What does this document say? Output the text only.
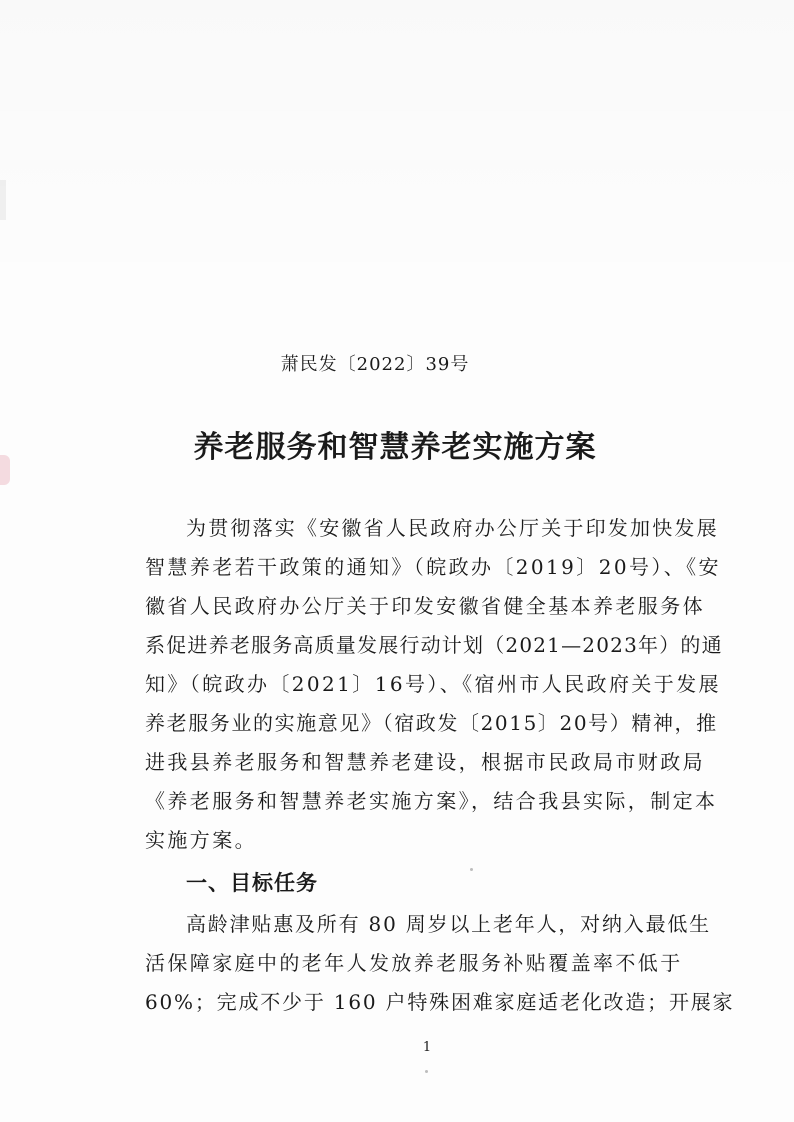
萧民发〔2022〕39号
养老服务和智慧养老实施方案
为贯彻落实《安徽省人民政府办公厅关于印发加快发展
智慧养老若干政策的通知》（皖政办〔2019〕20号）、《安
徽省人民政府办公厅关于印发安徽省健全基本养老服务体
系促进养老服务高质量发展行动计划（2021—2023年）的通
知》（皖政办〔2021〕16号）、《宿州市人民政府关于发展
养老服务业的实施意见》（宿政发〔2015〕20号）精神，推
进我县养老服务和智慧养老建设，根据市民政局市财政局
《养老服务和智慧养老实施方案》，结合我县实际，制定本
实施方案。
一、目标任务
高龄津贴惠及所有 80 周岁以上老年人，对纳入最低生
活保障家庭中的老年人发放养老服务补贴覆盖率不低于
60%；完成不少于 160 户特殊困难家庭适老化改造；开展家
1
